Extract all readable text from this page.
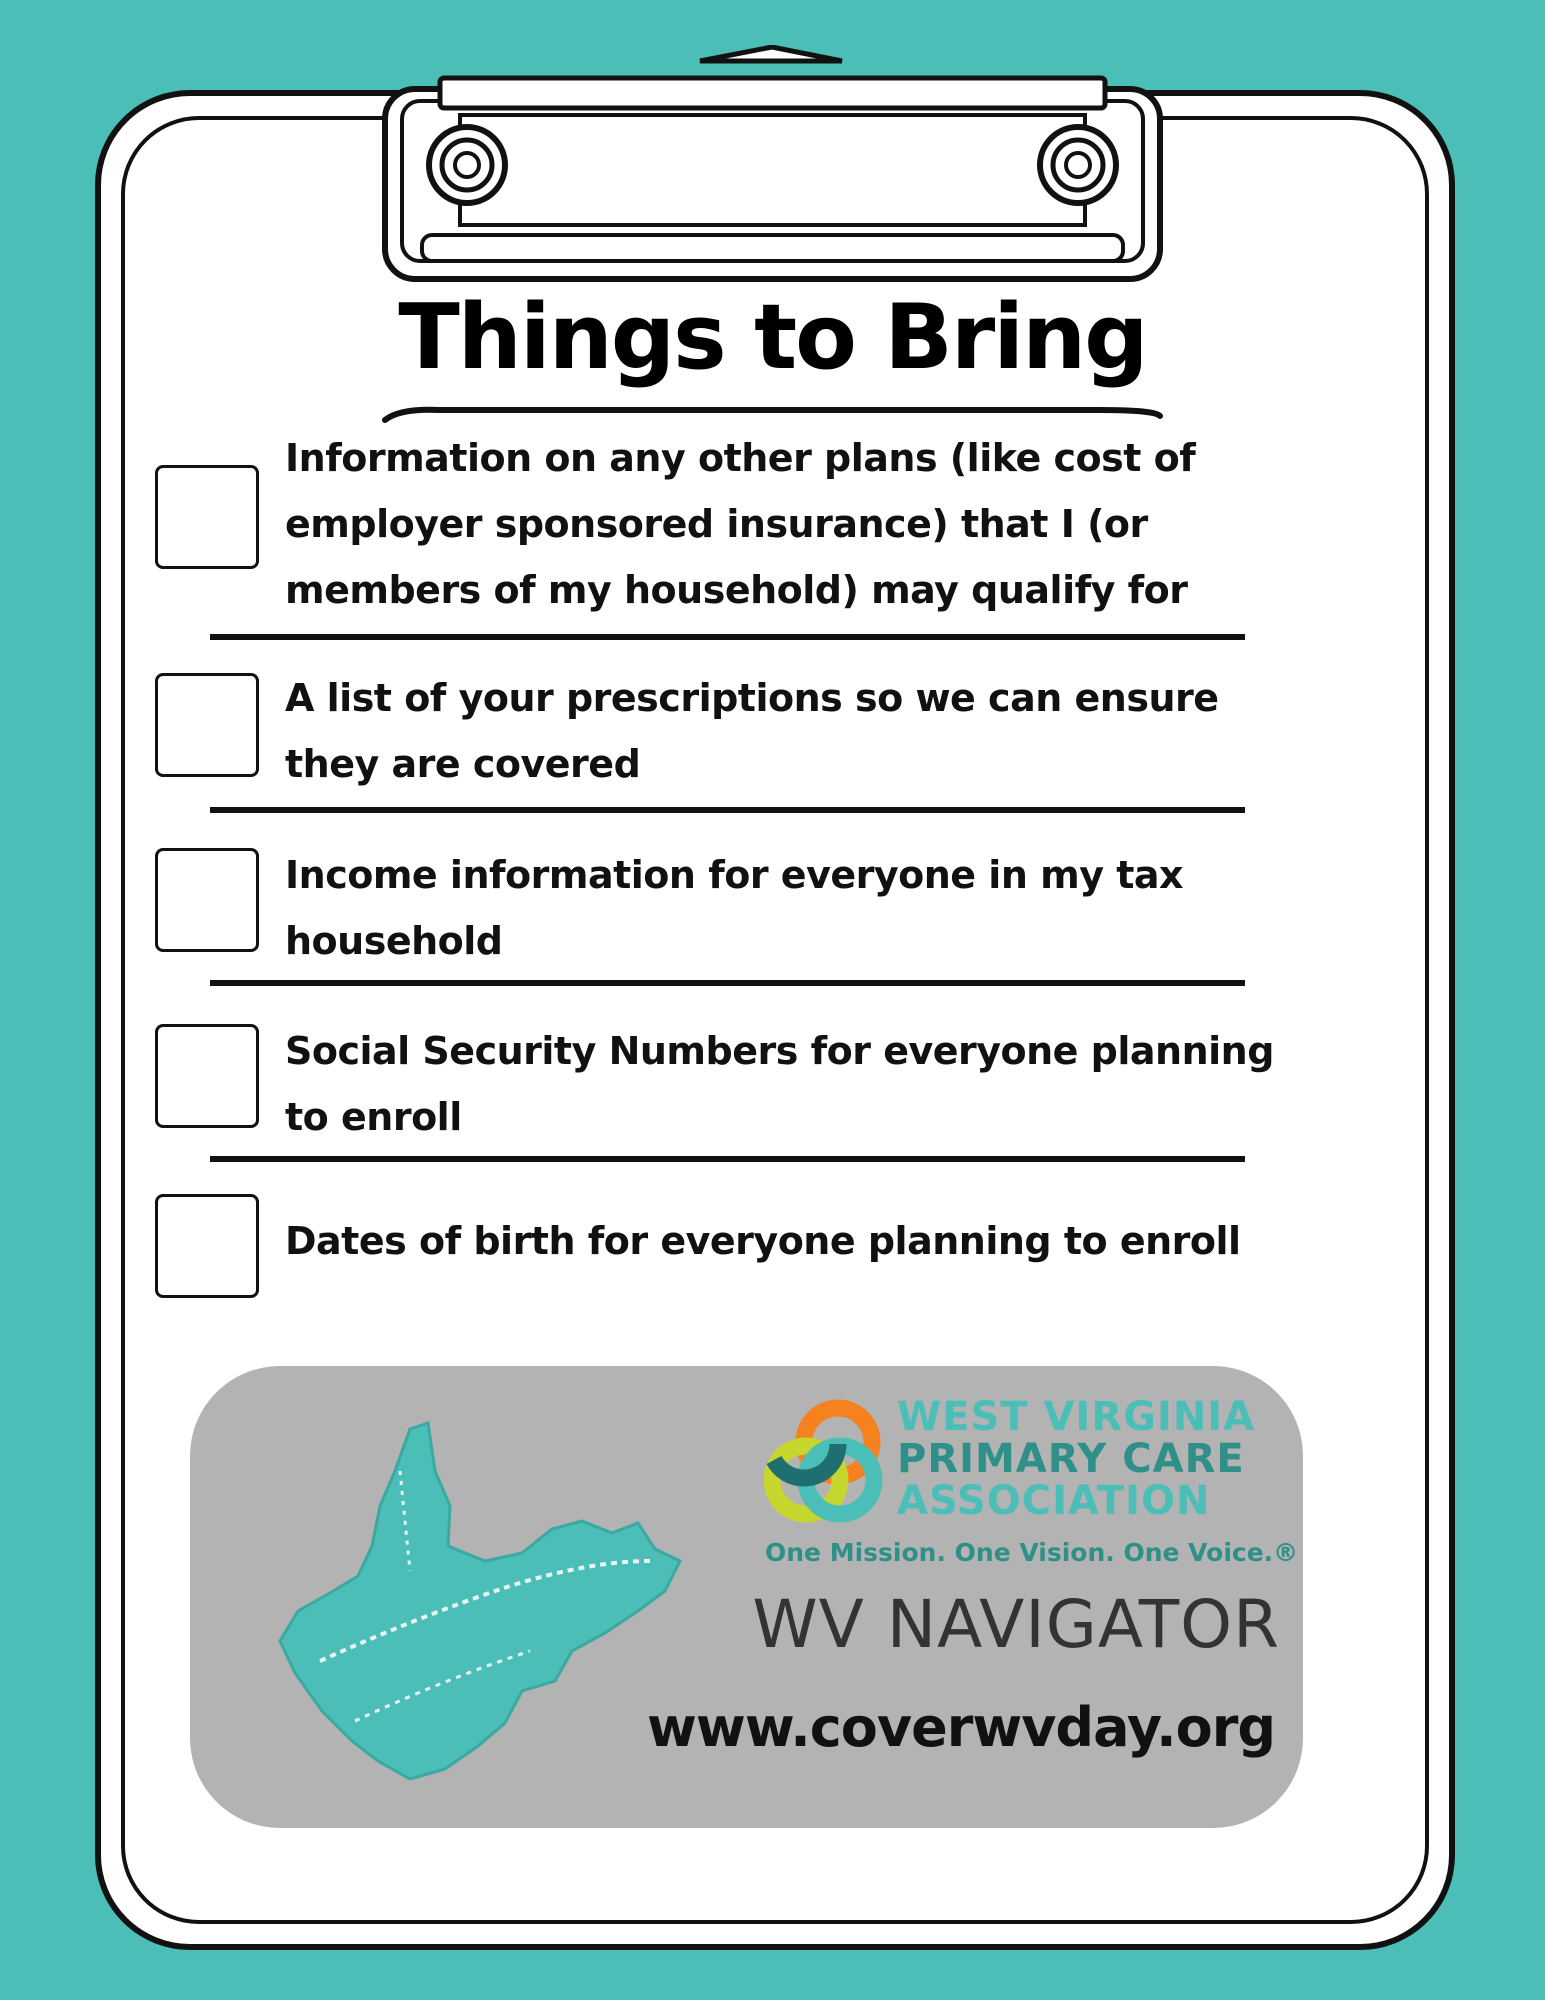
Things to Bring
Information on any other plans (like cost of employer sponsored insurance) that I (or members of my household) may qualify for
A list of your prescriptions so we can ensure they are covered
Income information for everyone in my tax household
Social Security Numbers for everyone planning to enroll
Dates of birth for everyone planning to enroll
WEST VIRGINIA
PRIMARY CARE
ASSOCIATION
One Mission. One Vision. One Voice.®
WV NAVIGATOR
www.coverwvday.org
